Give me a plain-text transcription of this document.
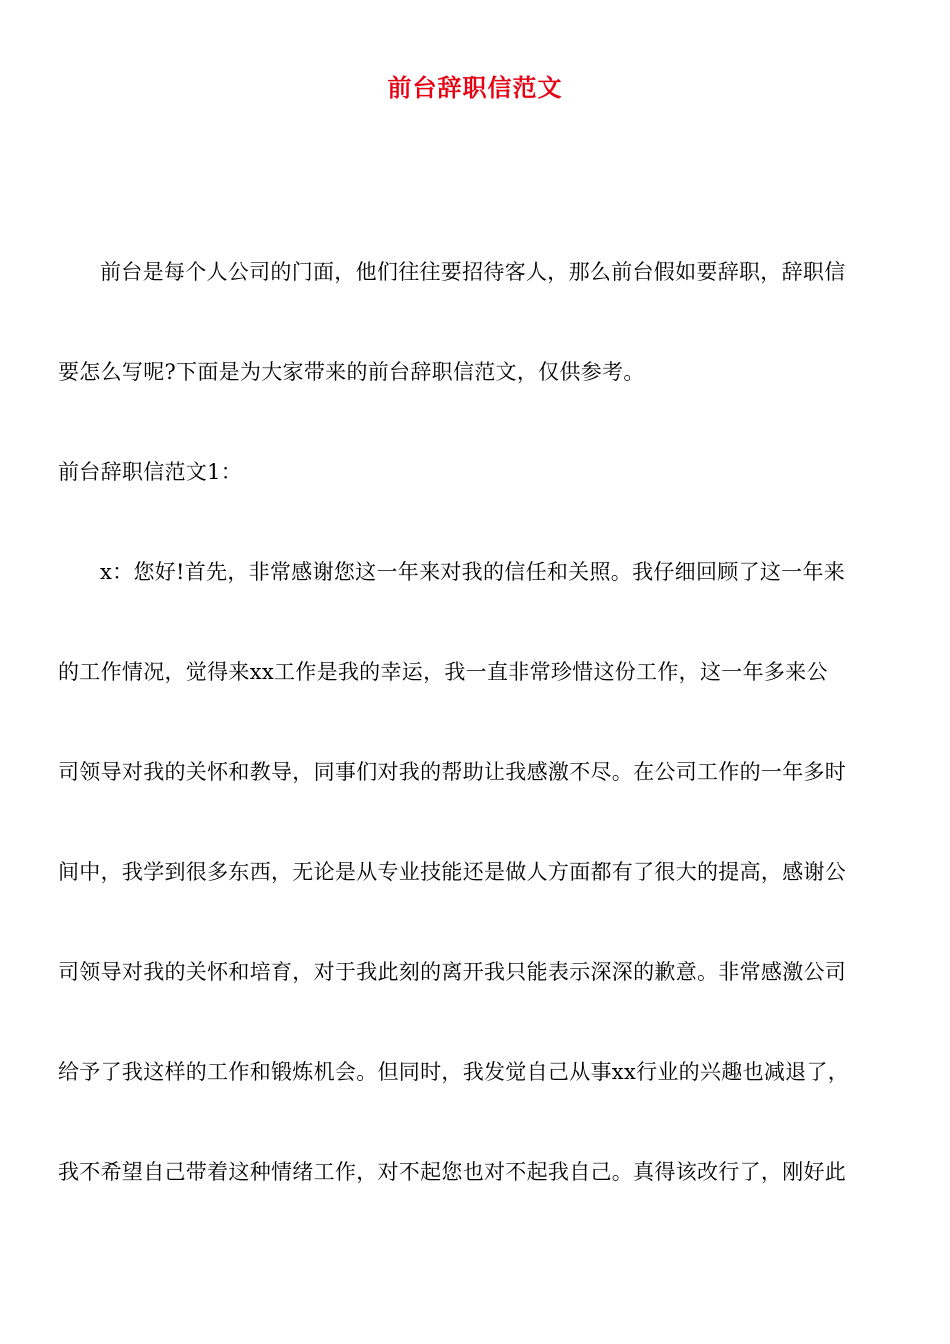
前台辞职信范文
前台是每个人公司的门面，他们往往要招待客人，那么前台假如要辞职，辞职信
要怎么写呢?下面是为大家带来的前台辞职信范文，仅供参考。
前台辞职信范文1：
x：您好!首先，非常感谢您这一年来对我的信任和关照。我仔细回顾了这一年来
的工作情况，觉得来xx工作是我的幸运，我一直非常珍惜这份工作，这一年多来公
司领导对我的关怀和教导，同事们对我的帮助让我感激不尽。在公司工作的一年多时
间中，我学到很多东西，无论是从专业技能还是做人方面都有了很大的提高，感谢公
司领导对我的关怀和培育，对于我此刻的离开我只能表示深深的歉意。非常感激公司
给予了我这样的工作和锻炼机会。但同时，我发觉自己从事xx行业的兴趣也减退了，
我不希望自己带着这种情绪工作，对不起您也对不起我自己。真得该改行了，刚好此
